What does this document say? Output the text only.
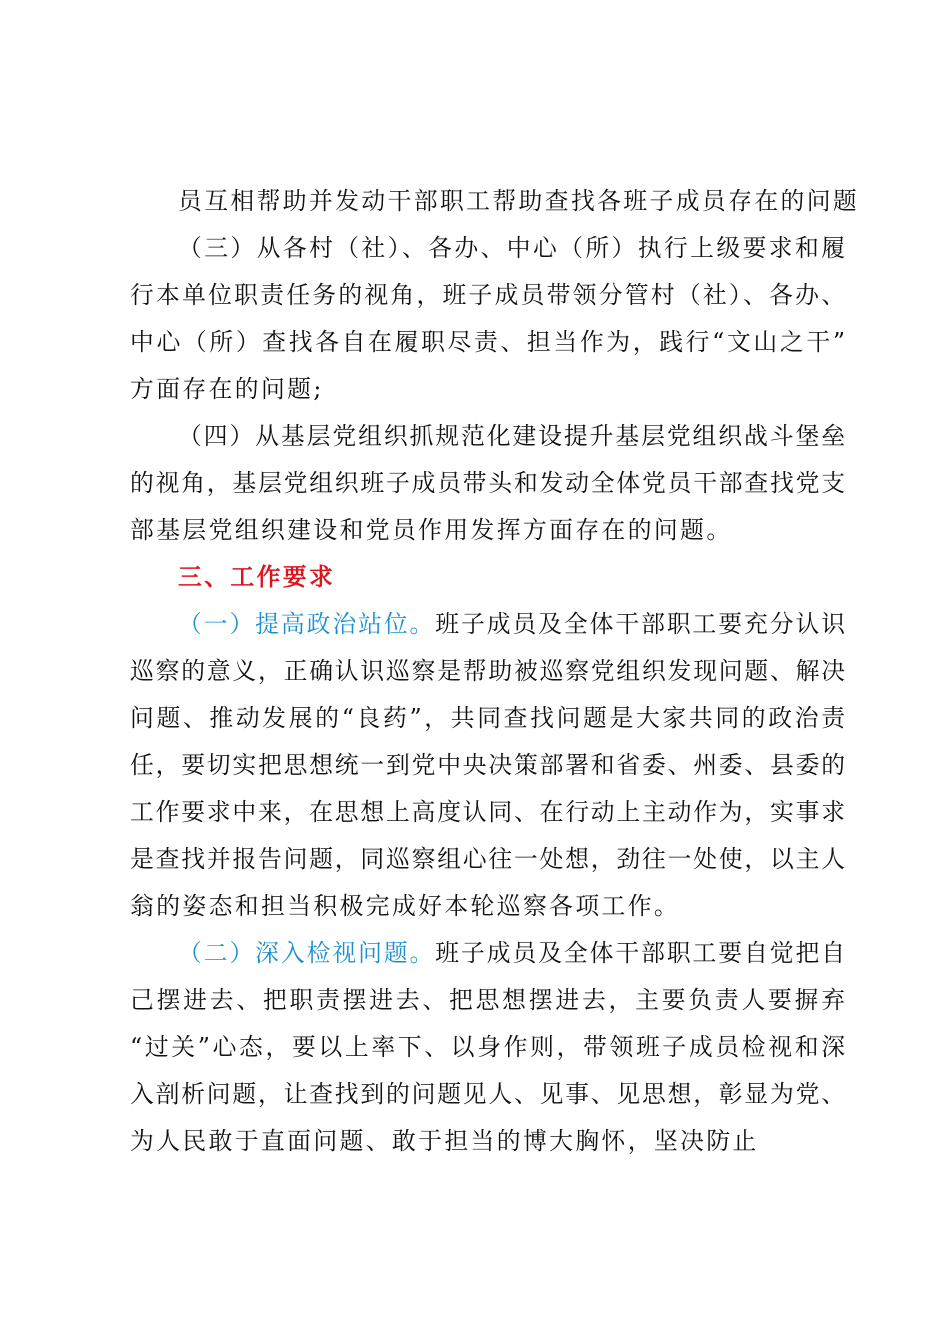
员互相帮助并发动干部职工帮助查找各班子成员存在的问题
（三）从各村（社）、各办、中心（所）执行上级要求和履
行本单位职责任务的视角，班子成员带领分管村（社）、各办、
中心（所）查找各自在履职尽责、担当作为，践行“文山之干”
方面存在的问题;
（四）从基层党组织抓规范化建设提升基层党组织战斗堡垒
的视角，基层党组织班子成员带头和发动全体党员干部查找党支
部基层党组织建设和党员作用发挥方面存在的问题。
三、工作要求
（一）提高政治站位。班子成员及全体干部职工要充分认识
巡察的意义，正确认识巡察是帮助被巡察党组织发现问题、解决
问题、推动发展的“良药”，共同查找问题是大家共同的政治责
任，要切实把思想统一到党中央决策部署和省委、州委、县委的
工作要求中来，在思想上高度认同、在行动上主动作为，实事求
是查找并报告问题，同巡察组心往一处想，劲往一处使，以主人
翁的姿态和担当积极完成好本轮巡察各项工作。
（二）深入检视问题。班子成员及全体干部职工要自觉把自
己摆进去、把职责摆进去、把思想摆进去，主要负责人要摒弃
“过关”心态，要以上率下、以身作则，带领班子成员检视和深
入剖析问题，让查找到的问题见人、见事、见思想，彰显为党、
为人民敢于直面问题、敢于担当的博大胸怀，坚决防止
